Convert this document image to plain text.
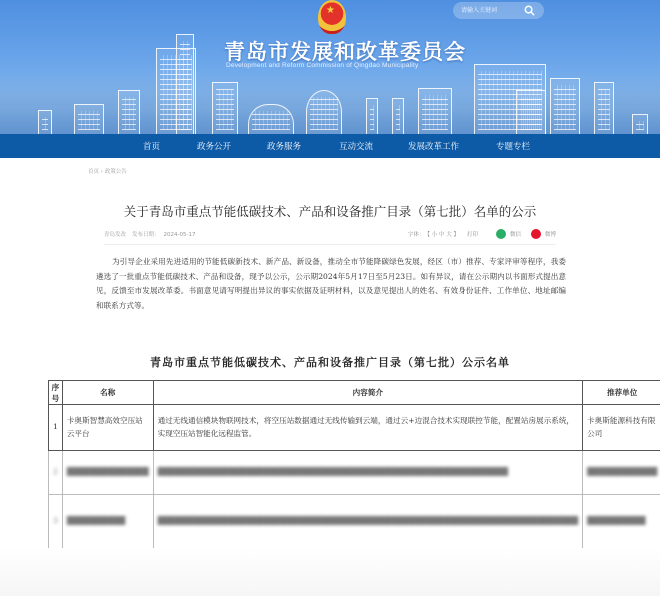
★
青岛市发展和改革委员会
Development and Reform Commission of Qingdao Municipality
请输入关键词
首页	政务公开	政务服务	互动交流	发展改革工作	专题专栏
首页 › 政策公告
关于青岛市重点节能低碳技术、产品和设备推广目录（第七批）名单的公示
青岛发改 发布日期： 2024-05-17	字体： 【 小 中 大 】 打印	微信	微博

为引导企业采用先进适用的节能低碳新技术、新产品、新设备，推动全市节能降碳绿色发展，经区（市）推荐、专家评审等程序，我委遴选了一批重点节能低碳技术、产品和设备，现予以公示，公示期2024年5月17日至5月23日。如有异议，请在公示期内以书面形式提出意见，反馈至市发展改革委。书面意见请写明提出异议的事实依据及证明材料，以及意见提出人的姓名、有效身份证件、工作单位、地址邮编和联系方式等。

青岛市重点节能低碳技术、产品和设备推广目录（第七批）公示名单
序号	名称	内容简介	推荐单位
1	卡奥斯智慧高效空压站云平台	通过无线通信模块物联网技术，将空压站数据通过无线传输到云端，通过云+边混合技术实现联控节能，配置站房展示系统，实现空压站智能化远程监管。	卡奥斯能源科技有限公司
2	██████████████	████████████████████████████████████████████████████████████	████████████
3	██████████	████████████████████████████████████████████████████████████████████████	██████████
